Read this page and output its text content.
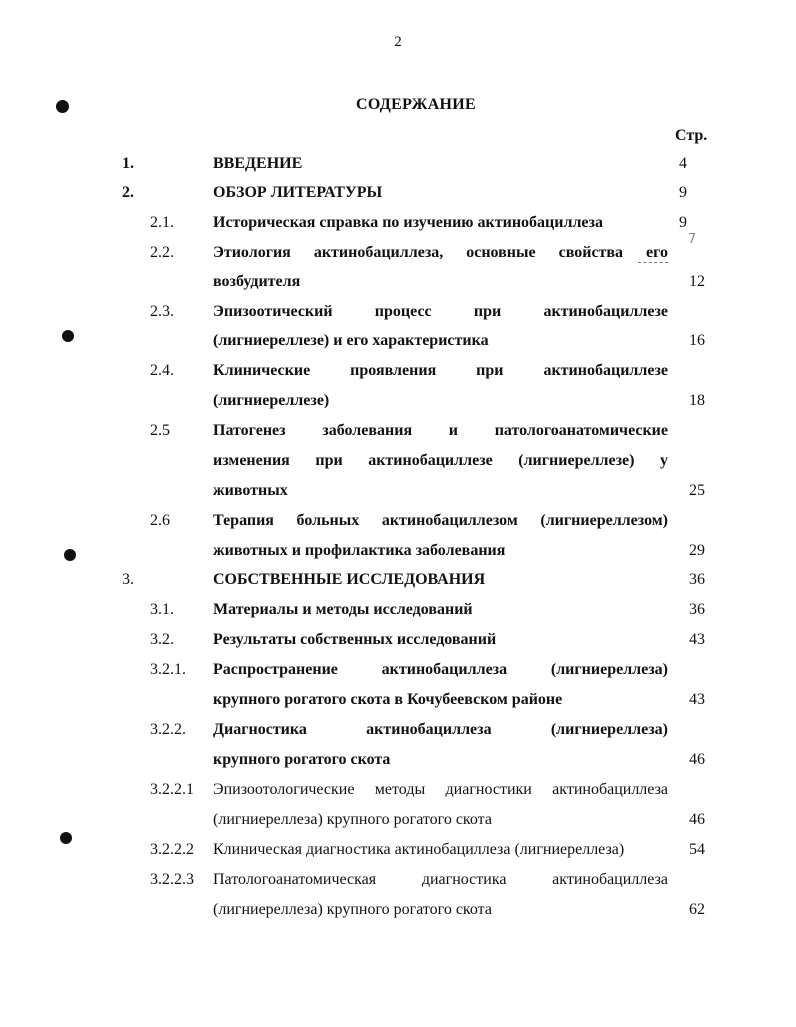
2
СОДЕРЖАНИЕ
Стр.
1.	ВВЕДЕНИЕ	4
2.	ОБЗОР ЛИТЕРАТУРЫ	9
2.1. Историческая справка по изучению актинобациллеза	9
2.2. Этиология актинобациллеза, основные свойства его
возбудителя	12
2.3. Эпизоотический процесс при актинобациллезе
(лигниереллезе) и его характеристика	16
2.4. Клинические проявления при актинобациллезе
(лигниереллезе)	18
2.5	Патогенез заболевания и патологоанатомические
изменения при актинобациллезе (лигниереллезе) у
животных	25
2.6	Терапия больных актинобациллезом (лигниереллезом)
животных и профилактика заболевания	29
3.	СОБСТВЕННЫЕ ИССЛЕДОВАНИЯ	36
3.1. Материалы и методы исследований	36
3.2. Результаты собственных исследований	43
3.2.1. Распространение актинобациллеза (лигниереллеза)
крупного рогатого скота в Кочубеевском районе	43
3.2.2. Диагностика актинобациллеза (лигниереллеза)
крупного рогатого скота	46
3.2.2.1 Эпизоотологические методы диагностики актинобациллеза
(лигниереллеза) крупного рогатого скота	46
3.2.2.2 Клиническая диагностика актинобациллеза (лигниереллеза)	54
3.2.2.3 Патологоанатомическая диагностика актинобациллеза
(лигниереллеза) крупного рогатого скота	62
7
